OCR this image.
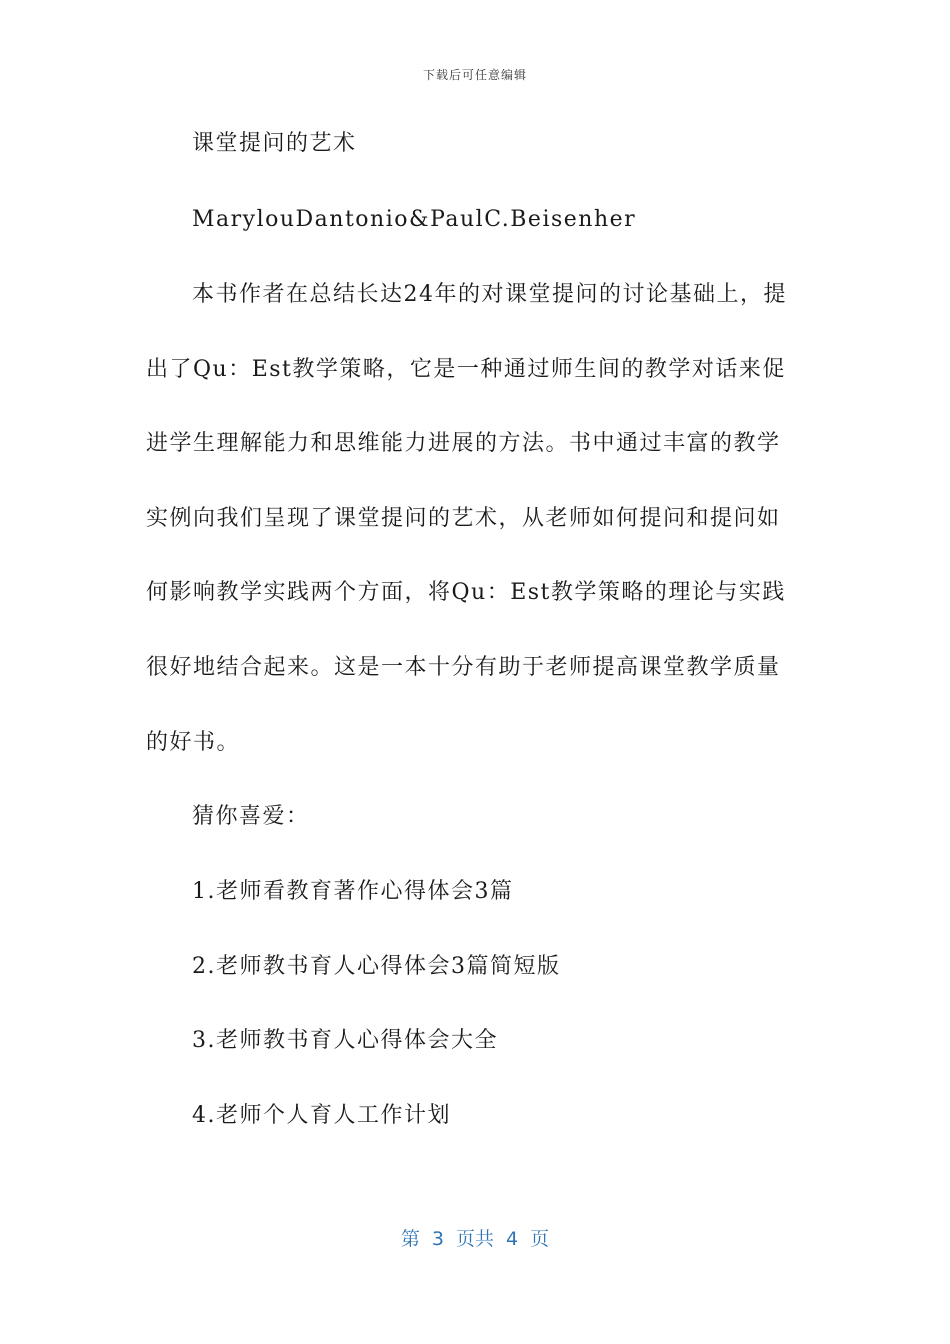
下载后可任意编辑
课堂提问的艺术
MarylouDantonio&PaulC.Beisenher
本书作者在总结长达24年的对课堂提问的讨论基础上，提
出了Qu：Est教学策略，它是一种通过师生间的教学对话来促
进学生理解能力和思维能力进展的方法。书中通过丰富的教学
实例向我们呈现了课堂提问的艺术，从老师如何提问和提问如
何影响教学实践两个方面，将Qu：Est教学策略的理论与实践
很好地结合起来。这是一本十分有助于老师提高课堂教学质量
的好书。
猜你喜爱：
1.老师看教育著作心得体会3篇
2.老师教书育人心得体会3篇简短版
3.老师教书育人心得体会大全
4.老师个人育人工作计划
第 3 页共 4 页
